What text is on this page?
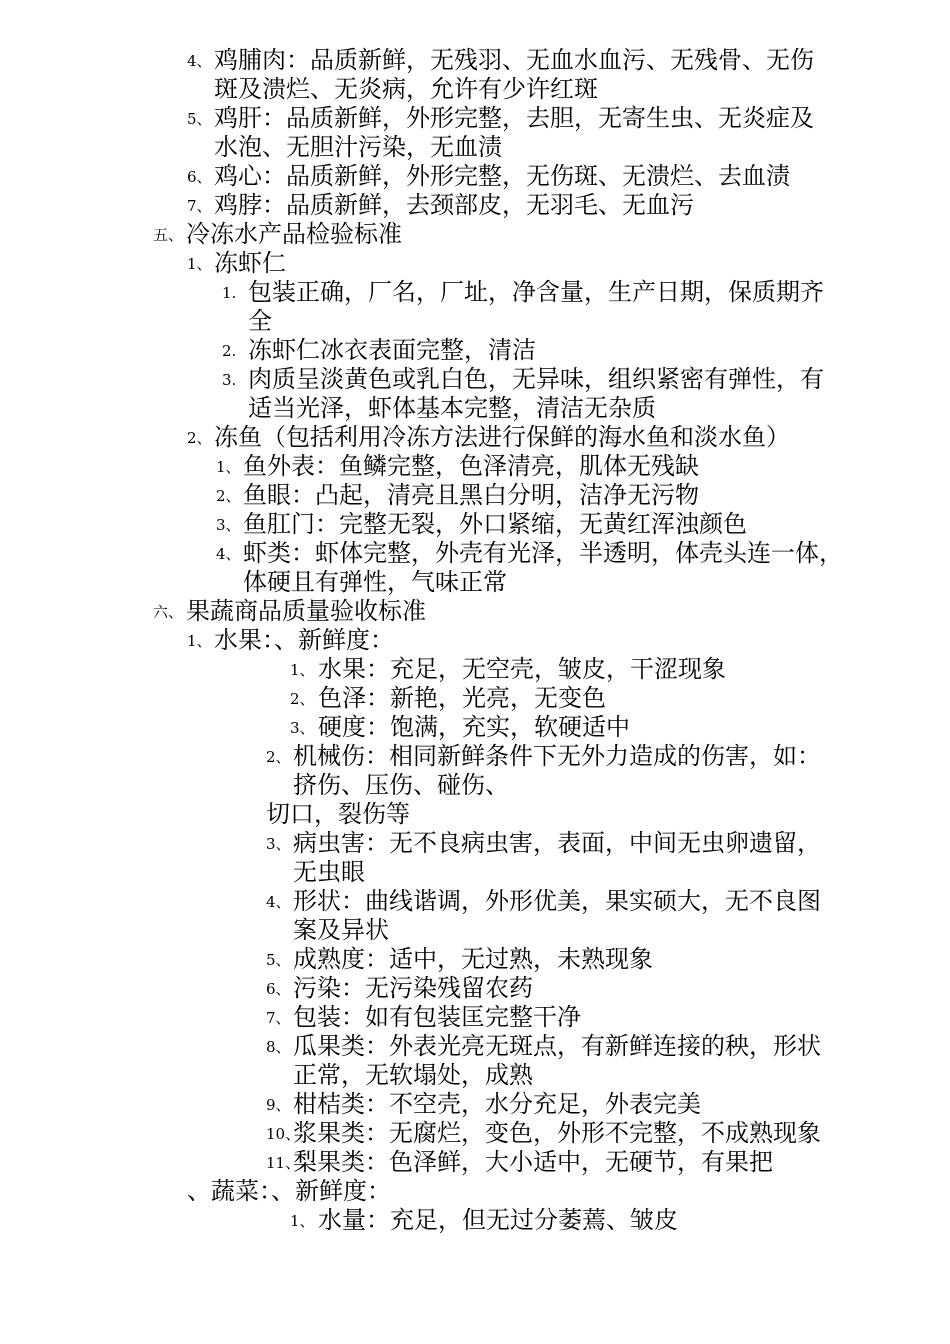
4、 鸡脯肉：品质新鲜，无残羽、无血水血污、无残骨、无伤
斑及溃烂、无炎病，允许有少许红斑
5、 鸡肝：品质新鲜，外形完整，去胆，无寄生虫、无炎症及
水泡、无胆汁污染，无血渍
6、 鸡心：品质新鲜，外形完整，无伤斑、无溃烂、去血渍
7、 鸡脖：品质新鲜，去颈部皮，无羽毛、无血污
五、 冷冻水产品检验标准
1、 冻虾仁
1. 包装正确，厂名，厂址，净含量，生产日期，保质期齐
全
2. 冻虾仁冰衣表面完整，清洁
3. 肉质呈淡黄色或乳白色，无异味，组织紧密有弹性，有
适当光泽，虾体基本完整，清洁无杂质
2、 冻鱼（包括利用冷冻方法进行保鲜的海水鱼和淡水鱼）
1、 鱼外表：鱼鳞完整，色泽清亮，肌体无残缺
2、 鱼眼：凸起，清亮且黑白分明，洁净无污物
3、 鱼肛门：完整无裂，外口紧缩，无黄红浑浊颜色
4、 虾类：虾体完整，外壳有光泽，半透明，体壳头连一体，
体硬且有弹性，气味正常
六、 果蔬商品质量验收标准
1、 水果：、新鲜度：
1、 水果：充足，无空壳，皱皮，干涩现象
2、 色泽：新艳，光亮，无变色
3、 硬度：饱满，充实，软硬适中
2、 机械伤：相同新鲜条件下无外力造成的伤害，如：
挤伤、压伤、碰伤、
切口，裂伤等
3、 病虫害：无不良病虫害，表面，中间无虫卵遗留，
无虫眼
4、 形状：曲线谐调，外形优美，果实硕大，无不良图
案及异状
5、 成熟度：适中，无过熟，未熟现象
6、 污染：无污染残留农药
7、 包装：如有包装匡完整干净
8、 瓜果类：外表光亮无斑点，有新鲜连接的秧，形状
正常，无软塌处，成熟
9、 柑桔类：不空壳，水分充足，外表完美
10、
浆果类：无腐烂，变色，外形不完整，不成熟现象
11、
梨果类：色泽鲜，大小适中，无硬节，有果把
、蔬菜：、新鲜度：
1、 水量：充足，但无过分萎蔫、皱皮
